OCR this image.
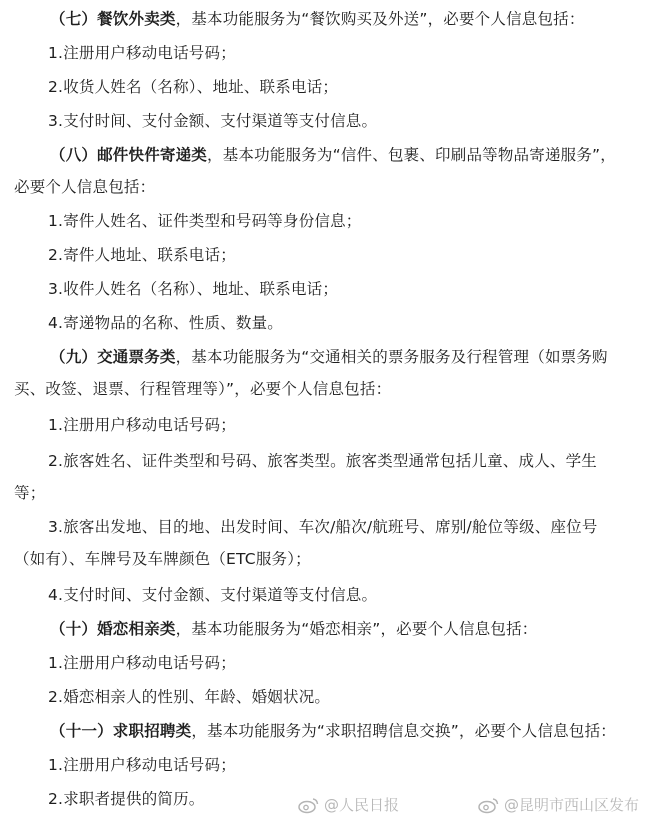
（七）餐饮外卖类，基本功能服务为“餐饮购买及外送”，必要个人信息包括：
1.注册用户移动电话号码；
2.收货人姓名（名称）、地址、联系电话；
3.支付时间、支付金额、支付渠道等支付信息。
（八）邮件快件寄递类，基本功能服务为“信件、包裹、印刷品等物品寄递服务”，
必要个人信息包括：
1.寄件人姓名、证件类型和号码等身份信息；
2.寄件人地址、联系电话；
3.收件人姓名（名称）、地址、联系电话；
4.寄递物品的名称、性质、数量。
（九）交通票务类，基本功能服务为“交通相关的票务服务及行程管理（如票务购
买、改签、退票、行程管理等）”，必要个人信息包括：
1.注册用户移动电话号码；
2.旅客姓名、证件类型和号码、旅客类型。旅客类型通常包括儿童、成人、学生
等；
3.旅客出发地、目的地、出发时间、车次/船次/航班号、席别/舱位等级、座位号
（如有）、车牌号及车牌颜色（ETC服务）；
4.支付时间、支付金额、支付渠道等支付信息。
（十）婚恋相亲类，基本功能服务为“婚恋相亲”，必要个人信息包括：
1.注册用户移动电话号码；
2.婚恋相亲人的性别、年龄、婚姻状况。
（十一）求职招聘类，基本功能服务为“求职招聘信息交换”，必要个人信息包括：
1.注册用户移动电话号码；
2.求职者提供的简历。	@人民日报	@昆明市西山区发布
